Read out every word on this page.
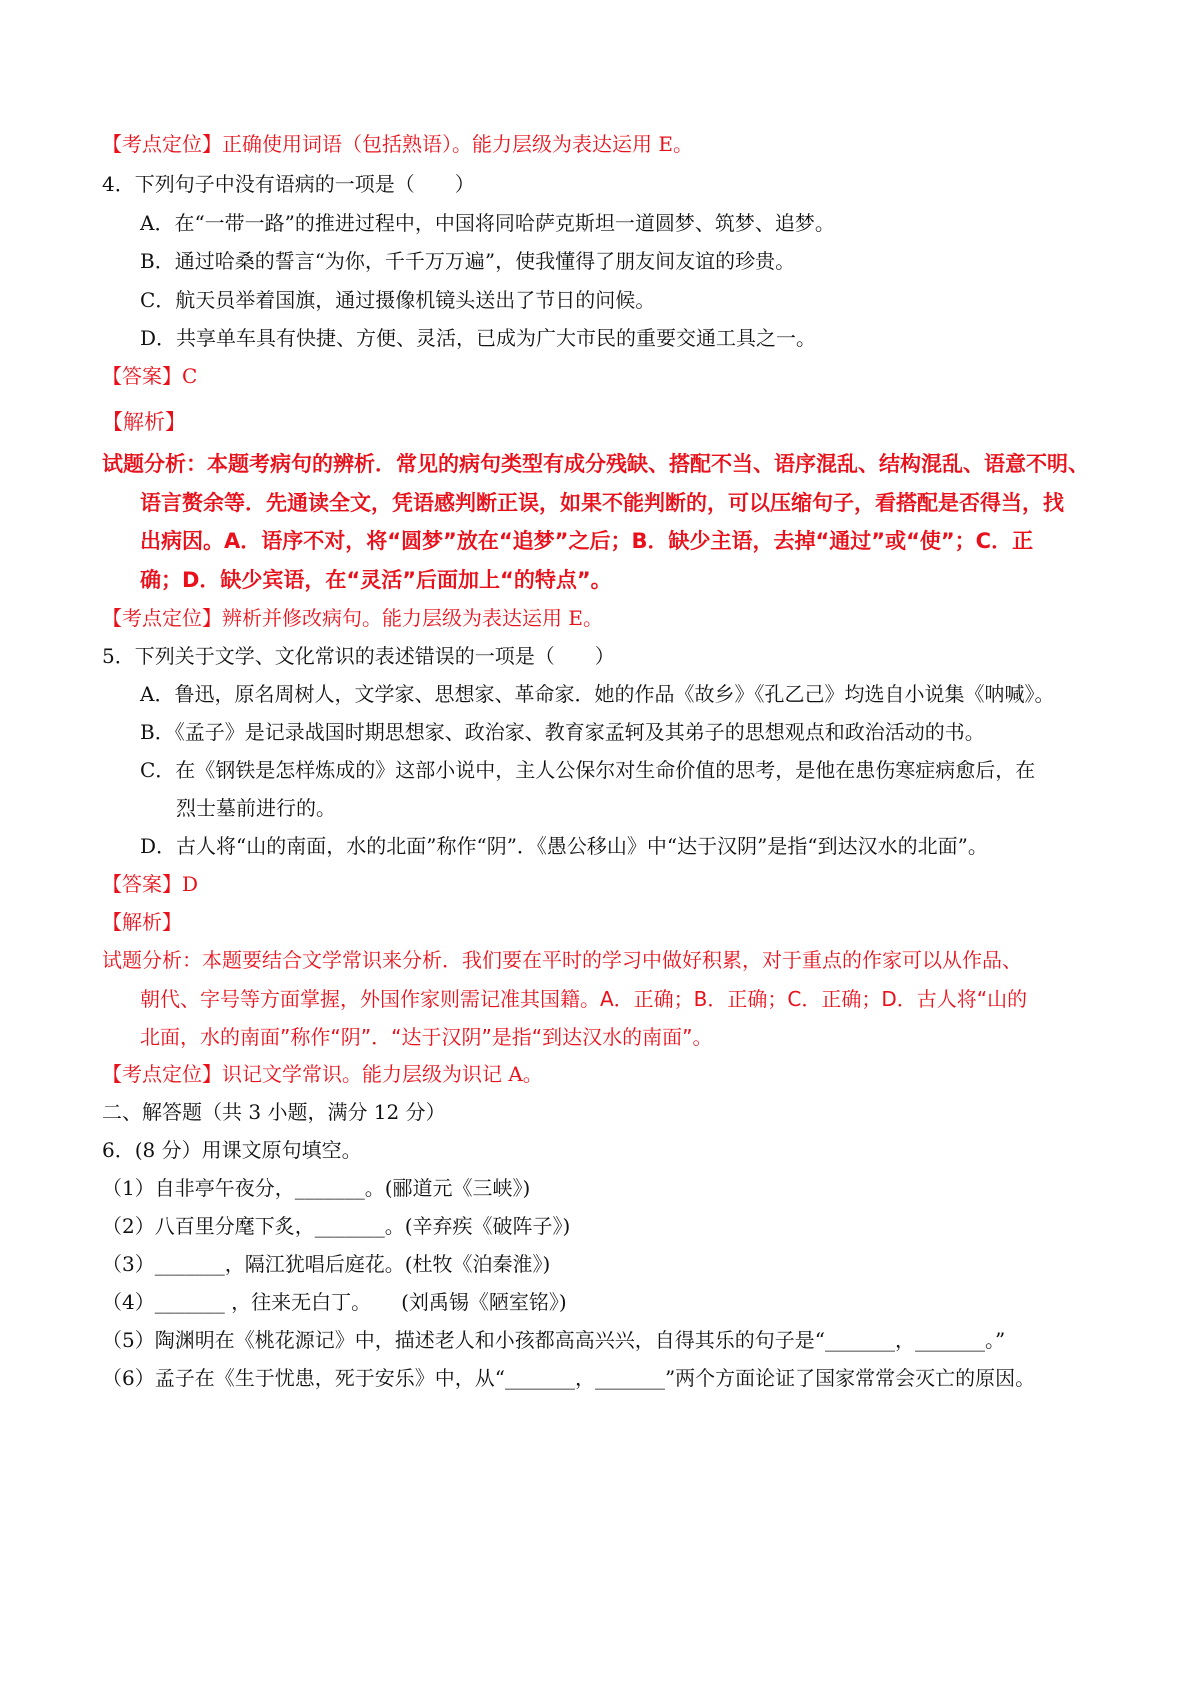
【考点定位】正确使用词语（包括熟语）。能力层级为表达运用 E。
4．下列句子中没有语病的一项是（　　）
A．在“一带一路”的推进过程中，中国将同哈萨克斯坦一道圆梦、筑梦、追梦。
B．通过哈桑的誓言“为你，千千万万遍”，使我懂得了朋友间友谊的珍贵。
C．航天员举着国旗，通过摄像机镜头送出了节日的问候。
D．共享单车具有快捷、方便、灵活，已成为广大市民的重要交通工具之一。
【答案】C
【解析】
试题分析：本题考病句的辨析．常见的病句类型有成分残缺、搭配不当、语序混乱、结构混乱、语意不明、
语言赘余等．先通读全文，凭语感判断正误，如果不能判断的，可以压缩句子，看搭配是否得当，找
出病因。A．语序不对，将“圆梦”放在“追梦”之后；B．缺少主语，去掉“通过”或“使”；C．正
确；D．缺少宾语，在“灵活”后面加上“的特点”。
【考点定位】辨析并修改病句。能力层级为表达运用 E。
5．下列关于文学、文化常识的表述错误的一项是（　　）
A．鲁迅，原名周树人，文学家、思想家、革命家．她的作品《故乡》《孔乙己》均选自小说集《呐喊》。
B．《孟子》是记录战国时期思想家、政治家、教育家孟轲及其弟子的思想观点和政治活动的书。
C．在《钢铁是怎样炼成的》这部小说中，主人公保尔对生命价值的思考，是他在患伤寒症病愈后，在
烈士墓前进行的。
D．古人将“山的南面，水的北面”称作“阴”．《愚公移山》中“达于汉阴”是指“到达汉水的北面”。
【答案】D
【解析】
试题分析：本题要结合文学常识来分析．我们要在平时的学习中做好积累，对于重点的作家可以从作品、
朝代、字号等方面掌握，外国作家则需记准其国籍。A．正确；B．正确；C．正确；D．古人将“山的
北面，水的南面”称作“阴”．“达于汉阴”是指“到达汉水的南面”。
【考点定位】识记文学常识。能力层级为识记 A。
二、解答题（共 3 小题，满分 12 分）
6．(8 分）用课文原句填空。
（1）自非亭午夜分，_______。(郦道元《三峡》)
（2）八百里分麾下炙，_______。(辛弃疾《破阵子》)
（3）_______，隔江犹唱后庭花。(杜牧《泊秦淮》)
（4）_______ ，往来无白丁。　　(刘禹锡《陋室铭》)
（5）陶渊明在《桃花源记》中，描述老人和小孩都高高兴兴，自得其乐的句子是“_______，_______。”
（6）孟子在《生于忧患，死于安乐》中，从“_______，_______”两个方面论证了国家常常会灭亡的原因。
